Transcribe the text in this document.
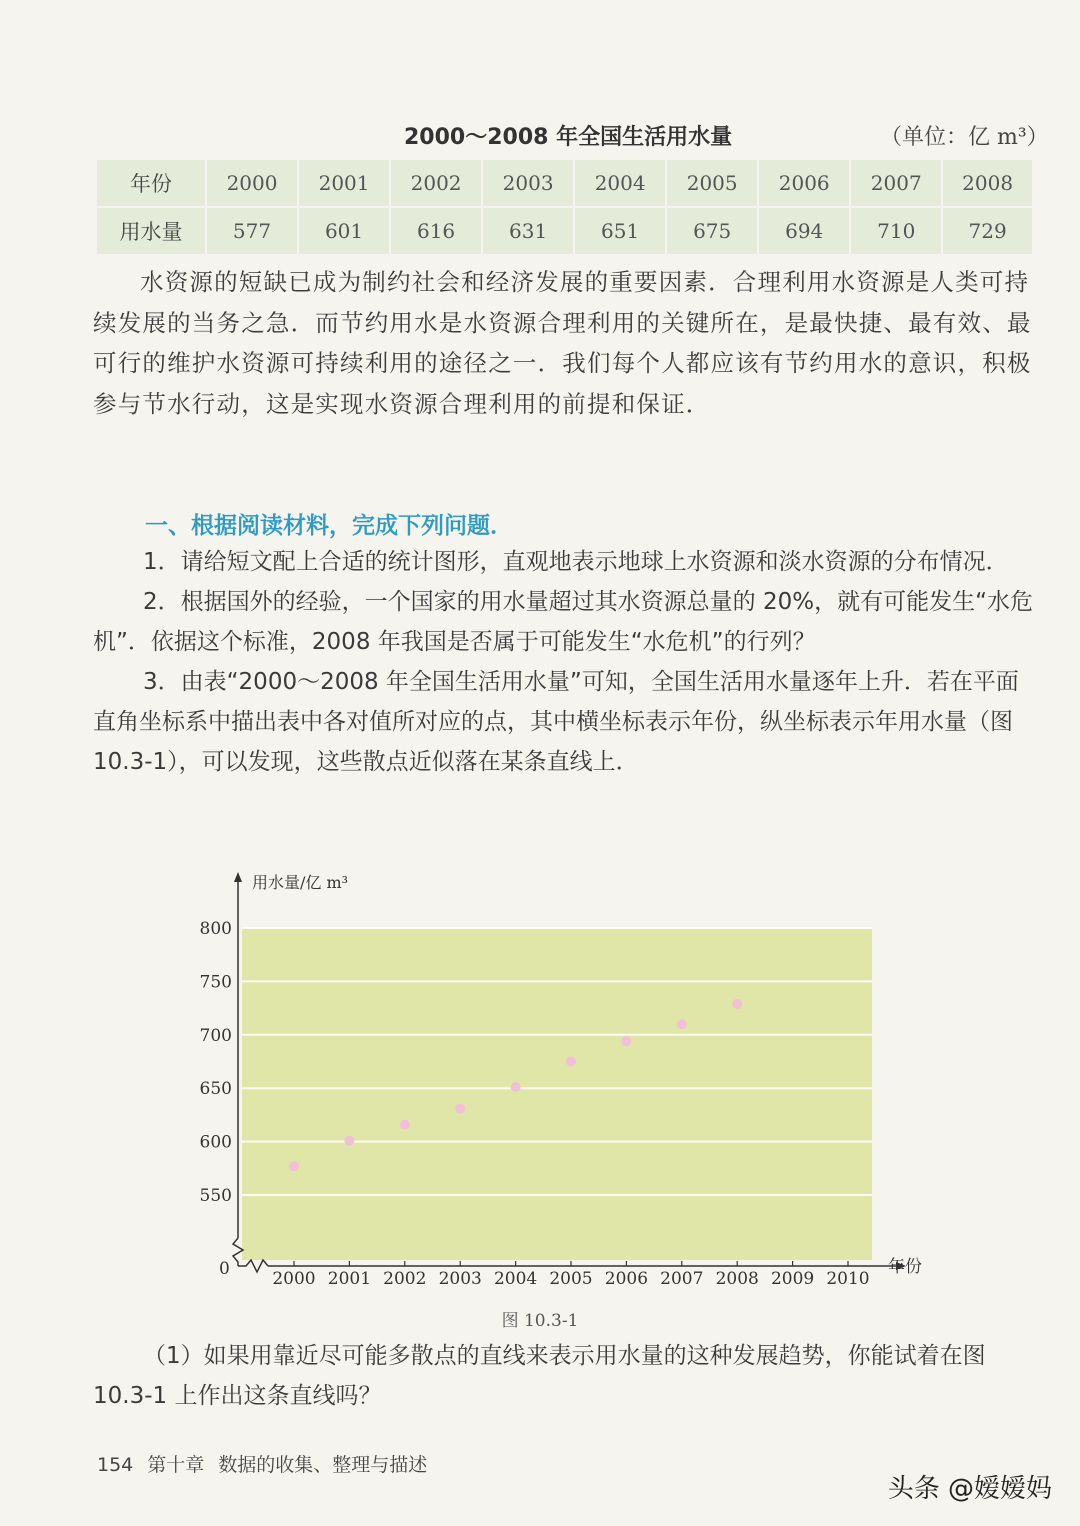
2000～2008 年全国生活用水量	（单位：亿 m³）
年份	2000	2001	2002	2003	2004	2005	2006	2007	2008
用水量	577	601	616	631	651	675	694	710	729

水资源的短缺已成为制约社会和经济发展的重要因素．合理利用水资源是人类可持续发展的当务之急．而节约用水是水资源合理利用的关键所在，是最快捷、最有效、最可行的维护水资源可持续利用的途径之一．我们每个人都应该有节约用水的意识，积极参与节水行动，这是实现水资源合理利用的前提和保证．

一、根据阅读材料，完成下列问题．

1．请给短文配上合适的统计图形，直观地表示地球上水资源和淡水资源的分布情况．

2．根据国外的经验，一个国家的用水量超过其水资源总量的 20%，就有可能发生“水危机”．依据这个标准，2008 年我国是否属于可能发生“水危机”的行列？

3．由表“2000～2008 年全国生活用水量”可知，全国生活用水量逐年上升．若在平面直角坐标系中描出表中各对值所对应的点，其中横坐标表示年份，纵坐标表示年用水量（图 10.3-1），可以发现，这些散点近似落在某条直线上．

550
600
650
700
750
800
2000 2001 2002 2003 2004 2005 2006 2007 2008 2009 2010
用水量/亿 m³
年份
0
图 10.3-1

（1）如果用靠近尽可能多散点的直线来表示用水量的这种发展趋势，你能试着在图 10.3-1 上作出这条直线吗？

154 第十章 数据的收集、整理与描述
头条 @嫒嫒妈
